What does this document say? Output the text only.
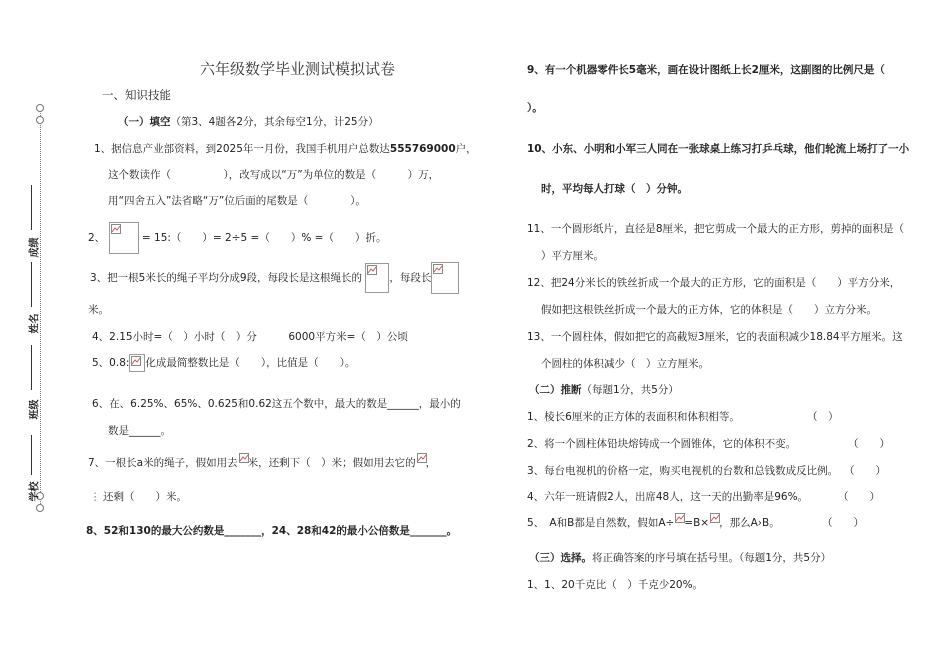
成绩
姓名
班级
学校
六年级数学毕业测试模拟试卷
一、知识技能
（一）填空（第3、4题各2分，其余每空1分，计25分）
1、据信息产业部资料，到2025年一月份，我国手机用户总数达555769000户，
这个数读作（　　　　　），改写成以“万”为单位的数是（　　　）万，
用“四舍五入”法省略“万”位后面的尾数是（　　　　）。
2、	= 15:（　　）= 2÷5 =（　　）% =（　　）折。
3、把一根5米长的绳子平均分成9段，每段长是这根绳长的	，每段长
米。
4、2.15小时=（　）小时（　）分　　　6000平方米=（　）公顷
5、0.8: 化成最简整数比是（　　），比值是（　　）。
6、在、6.25%、65%、0.625和0.62这五个数中，最大的数是______，最小的
数是______。
7、一根长a米的绳子，假如用去 米，还剩下（　）米；假如用去它的 ，
⋮ 还剩（　　）米。
8、52和130的最大公约数是_______，24、28和42的最小公倍数是_______。
9、有一个机器零件长5毫米，画在设计图纸上长2厘米，这副图的比例尺是（
）。
10、小东、小明和小军三人同在一张球桌上练习打乒乓球，他们轮流上场打了一小
时，平均每人打球（　）分钟。
11、一个圆形纸片，直径是8厘米，把它剪成一个最大的正方形，剪掉的面积是（
）平方厘米。
12、把24分米长的铁丝折成一个最大的正方形，它的面积是（　　）平方分米，
假如把这根铁丝折成一个最大的正方体，它的体积是（　　）立方分米。
13、一个圆柱体，假如把它的高截短3厘米，它的表面积减少18.84平方厘米。这
个圆柱的体积减少（　）立方厘米。
（二）推断（每题1分，共5分）
1、棱长6厘米的正方体的表面积和体积相等。	（　）
2、将一个圆柱体铅块熔铸成一个圆锥体，它的体积不变。	（　　）
3、每台电视机的价格一定，购买电视机的台数和总钱数成反比例。 （　　）
4、六年一班请假2人，出席48人，这一天的出勤率是96%。	（　　）
5、　A和B都是自然数，假如A÷ =B× ，那么A›B。	（　　）
（三）选择。将正确答案的序号填在括号里。（每题1分，共5分）
1、1、20千克比（　）千克少20%。
